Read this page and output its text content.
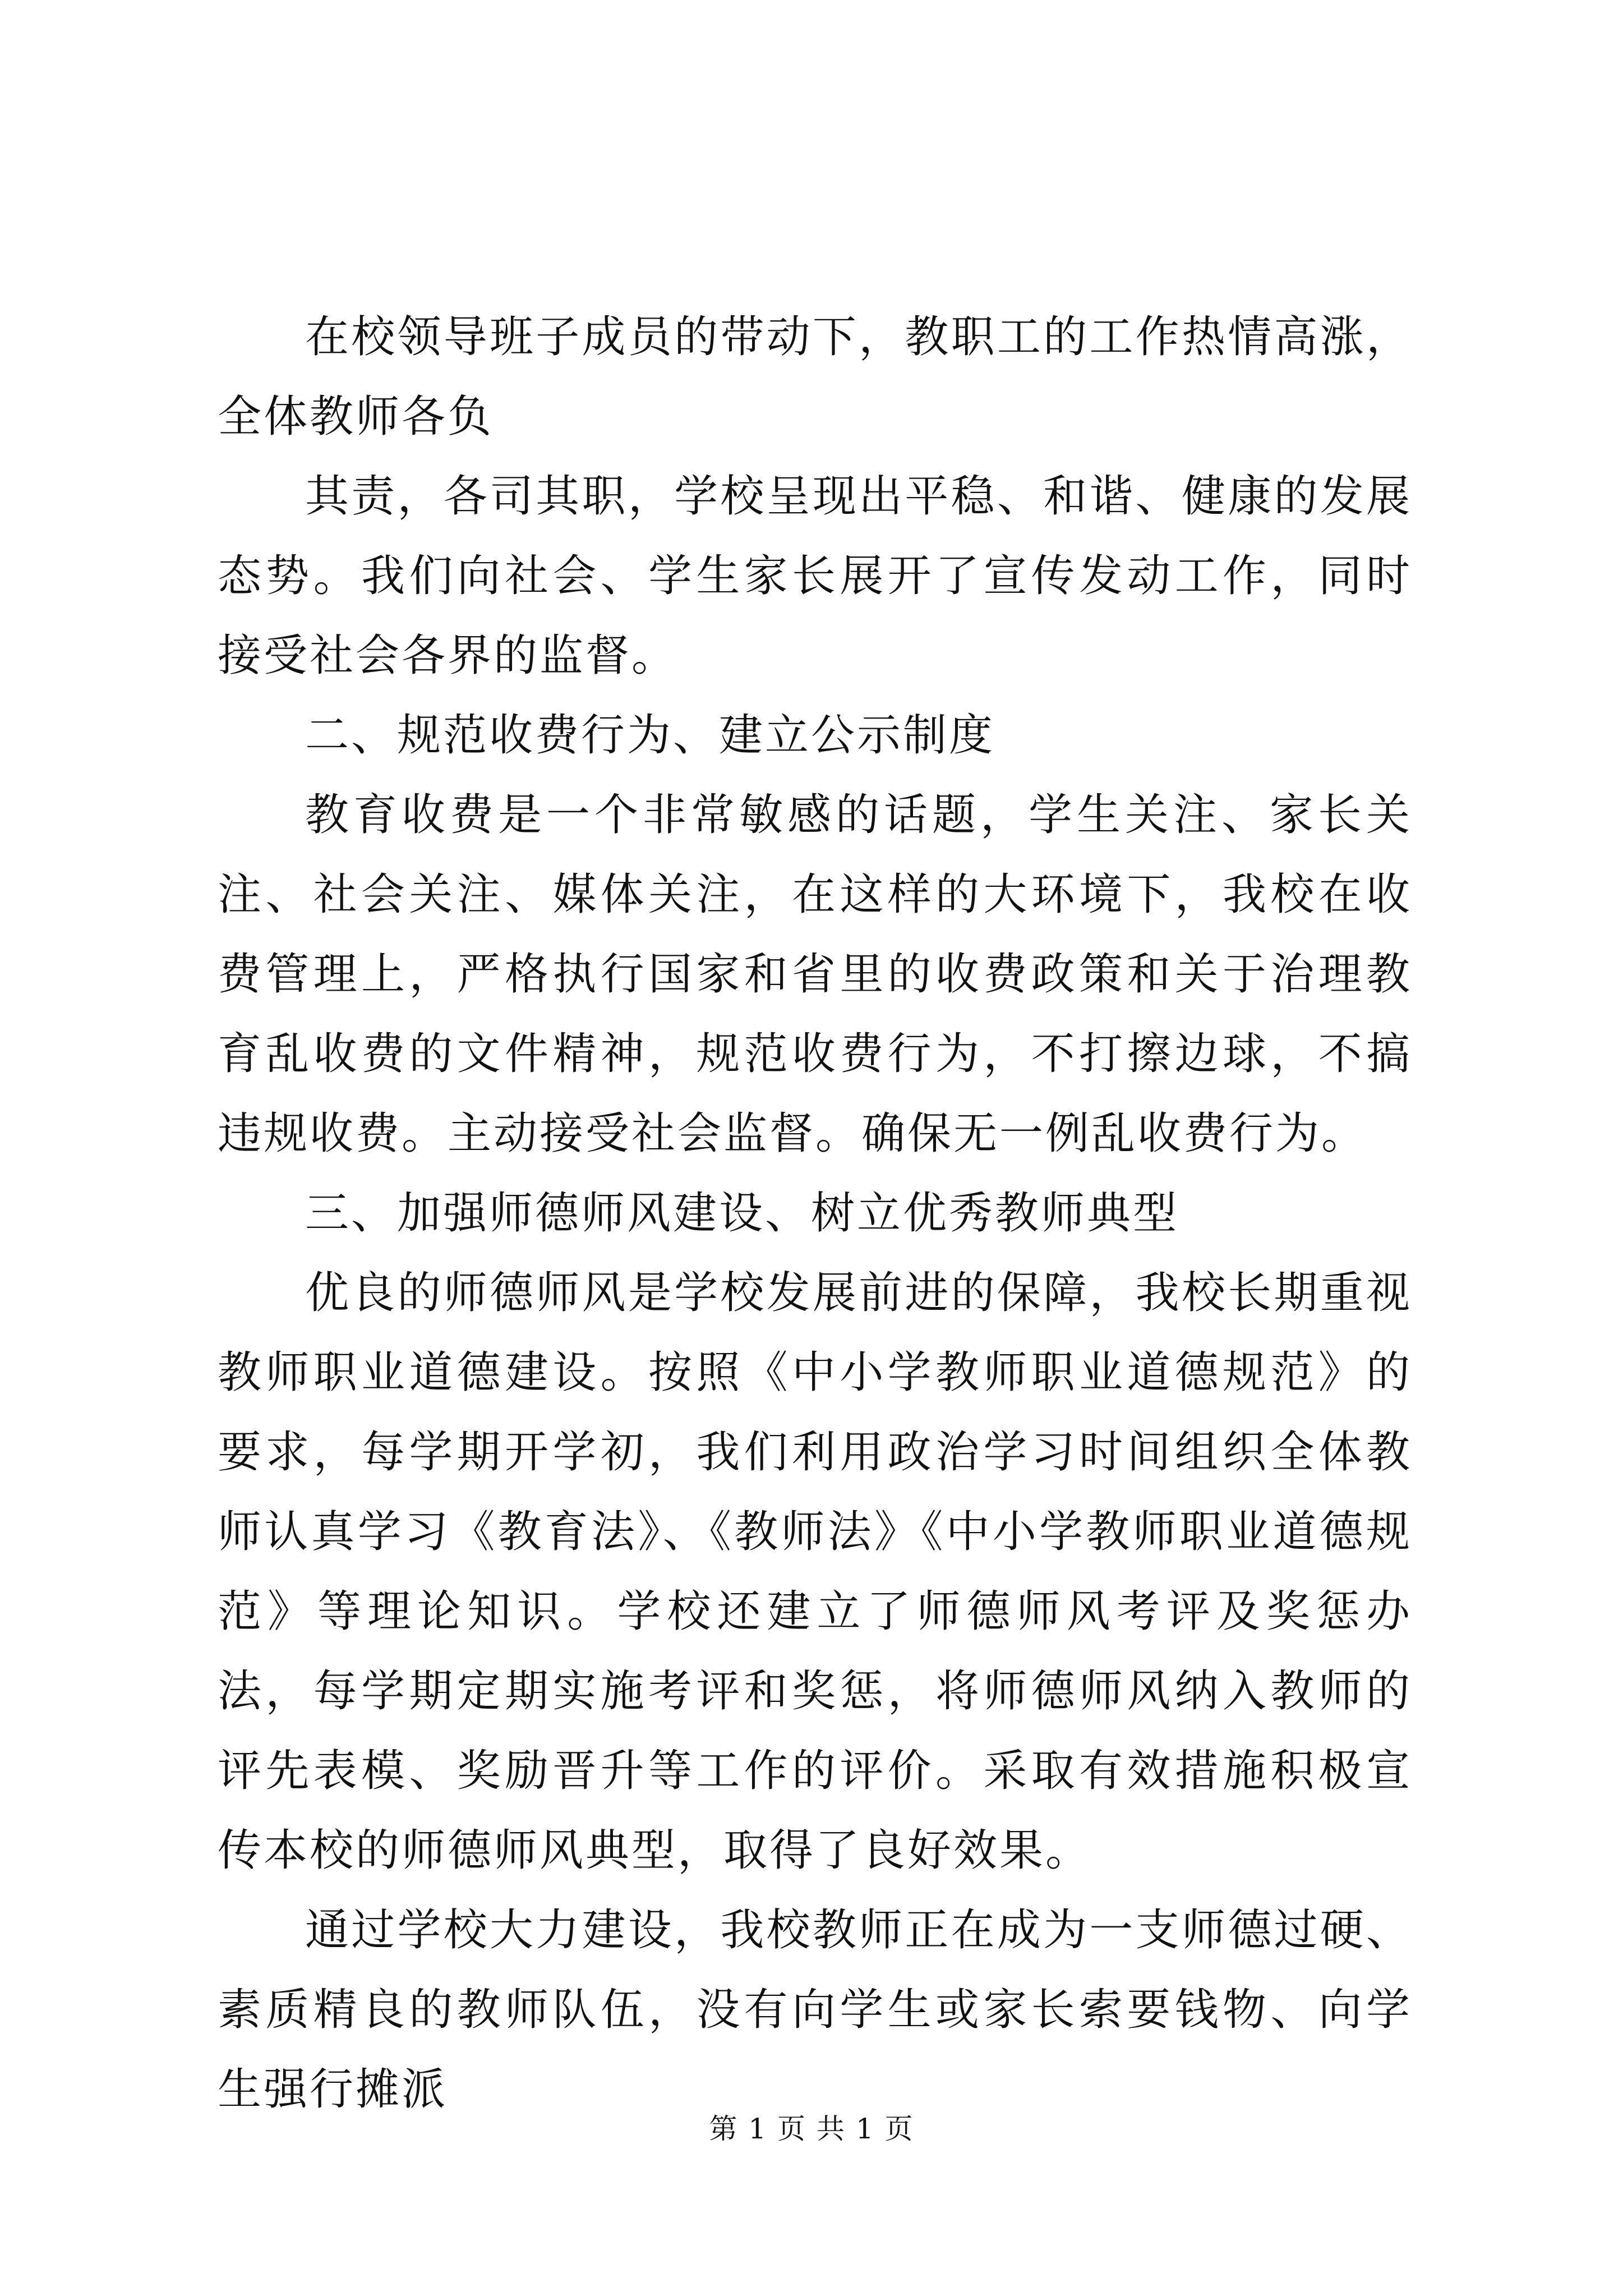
在校领导班子成员的带动下，教职工的工作热情高涨，全体教师各负

其责，各司其职，学校呈现出平稳、和谐、健康的发展态势。我们向社会、学生家长展开了宣传发动工作，同时接受社会各界的监督。

二、规范收费行为、建立公示制度

教育收费是一个非常敏感的话题，学生关注、家长关注、社会关注、媒体关注，在这样的大环境下，我校在收费管理上，严格执行国家和省里的收费政策和关于治理教育乱收费的文件精神，规范收费行为，不打擦边球，不搞违规收费。主动接受社会监督。确保无一例乱收费行为。

三、加强师德师风建设、树立优秀教师典型

优良的师德师风是学校发展前进的保障，我校长期重视教师职业道德建设。按照《中小学教师职业道德规范》的要求，每学期开学初，我们利用政治学习时间组织全体教师认真学习《教育法》、《教师法》《中小学教师职业道德规范》等理论知识。学校还建立了师德师风考评及奖惩办法，每学期定期实施考评和奖惩，将师德师风纳入教师的评先表模、奖励晋升等工作的评价。采取有效措施积极宣传本校的师德师风典型，取得了良好效果。

通过学校大力建设，我校教师正在成为一支师德过硬、素质精良的教师队伍，没有向学生或家长索要钱物、向学生强行摊派

第 1 页 共 1 页
